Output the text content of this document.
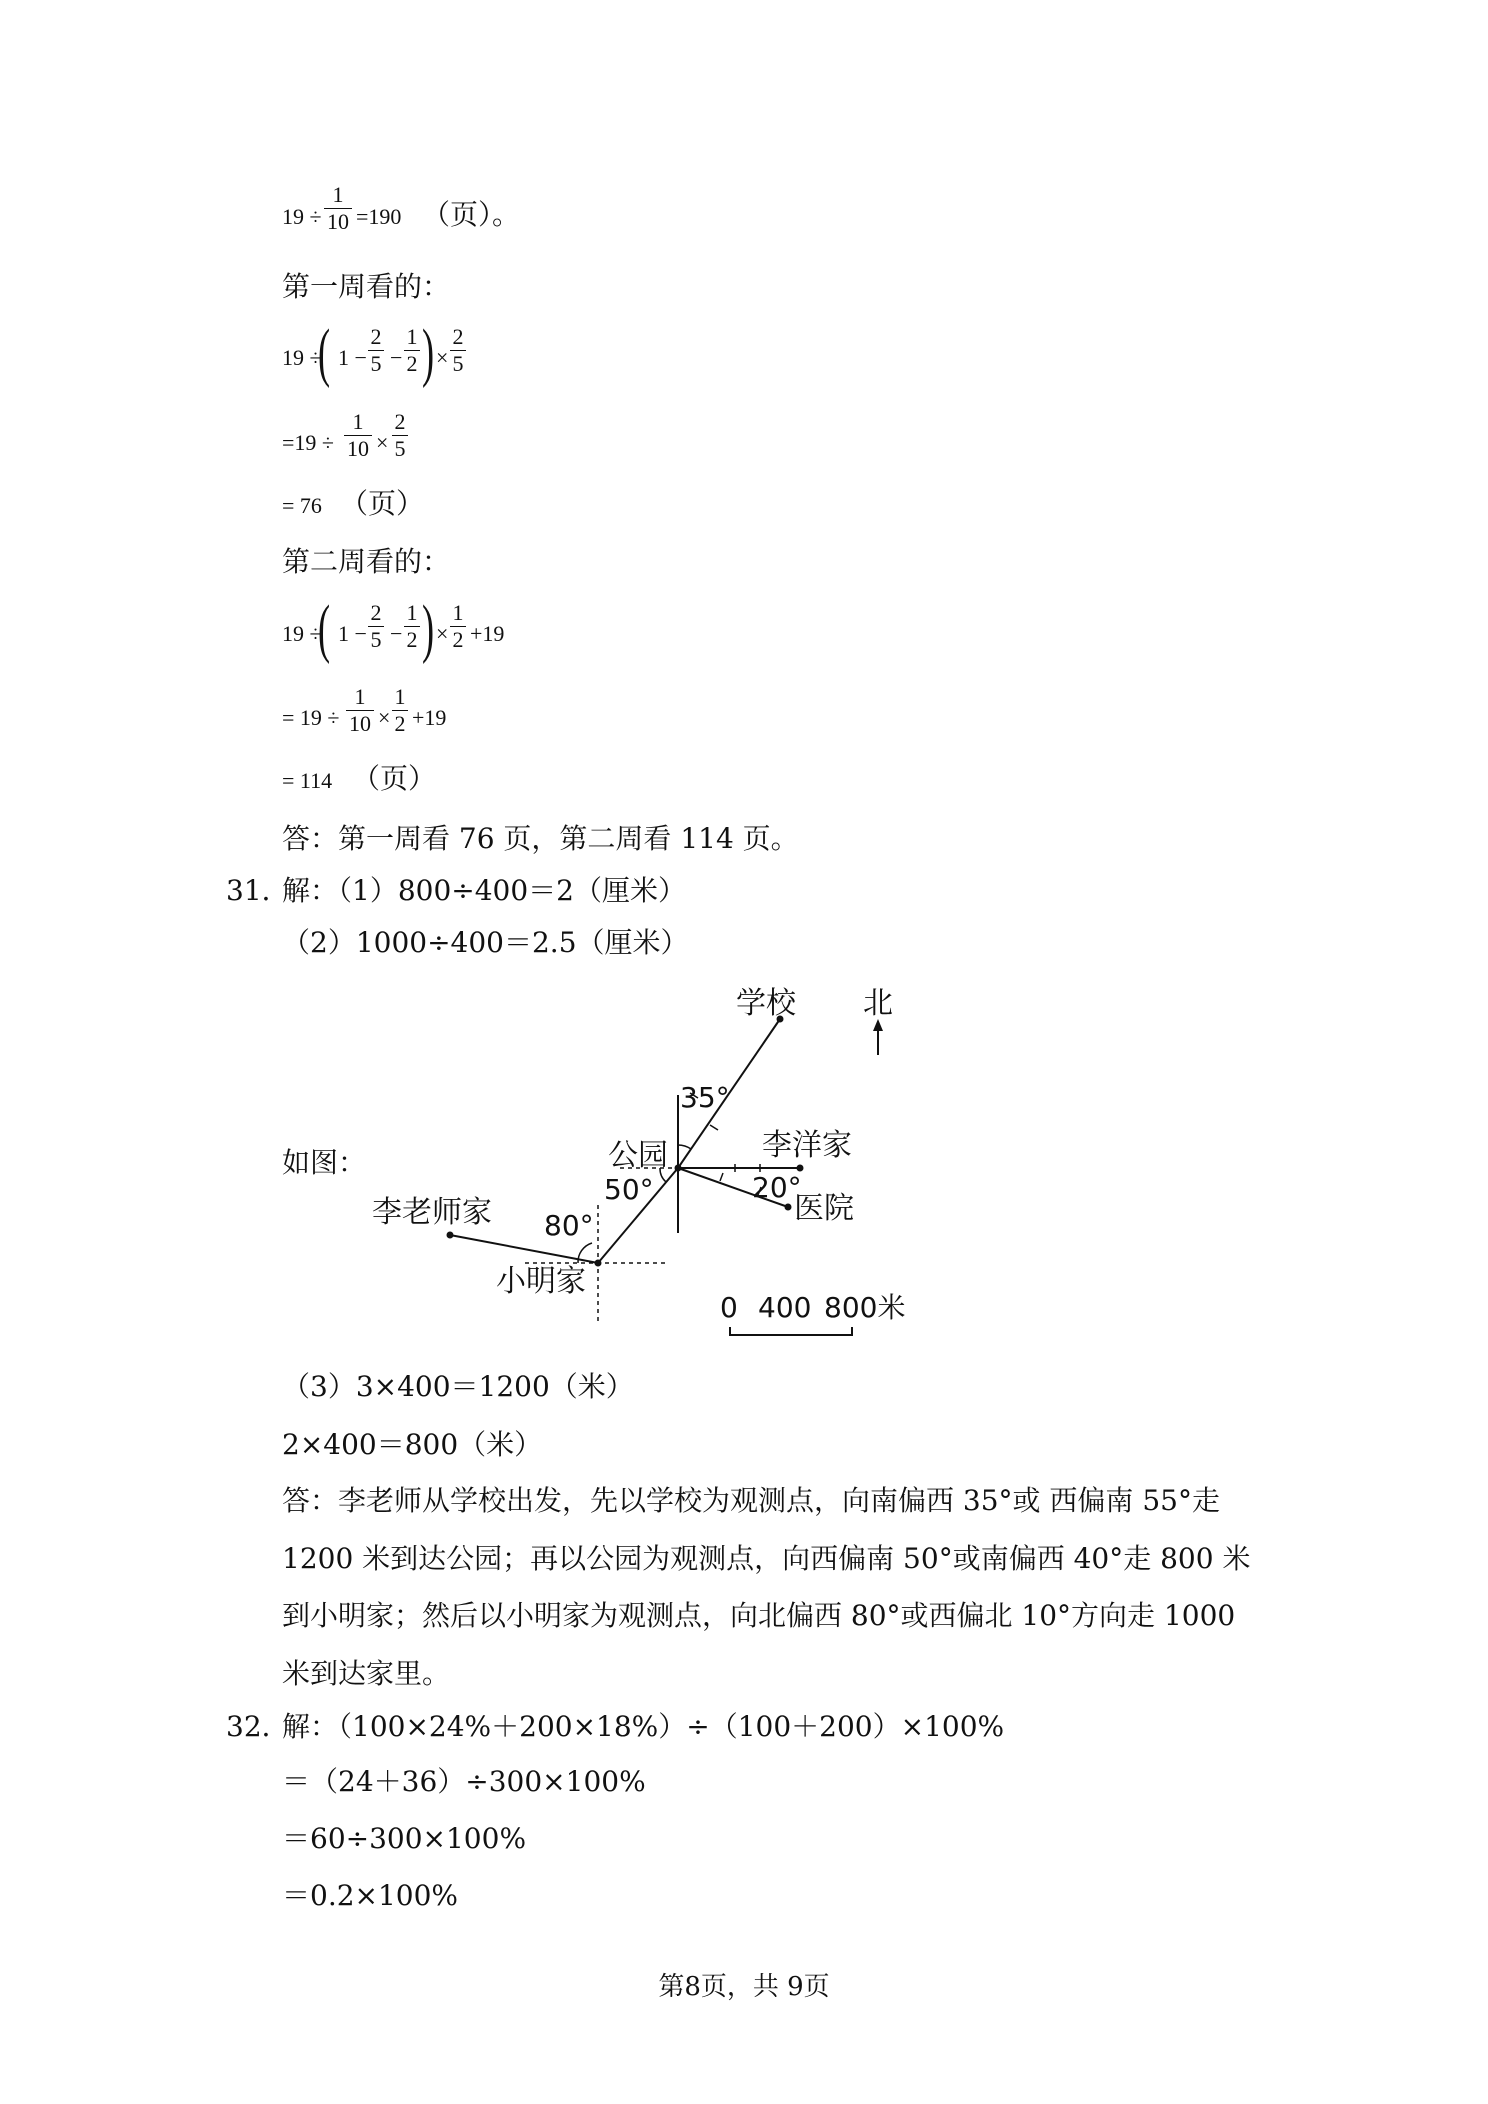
$19 \div \frac{1}{10} =190$ （页）。
第一周看的：
19 ÷
( $1 - \frac{2}{5} - \frac{1}{2}$ ) × $\frac{2}{5}$
$=19 \div \frac{1}{10} \times \frac{2}{5}$
= 76 （页）
第二周看的：
19 ÷
( $1 - \frac{2}{5} - \frac{1}{2}$ ) × $\frac{1}{2} +19$
= $19 \div \frac{1}{10} \times \frac{1}{2} +19$
= 114 （页）
答：第一周看 76 页，第二周看 114 页。
31．
解：（1）800÷400＝2（厘米）
（2）1000÷400＝2.5（厘米）
如图：
学校 北
35°
公园	李洋家
50°	20°
医院
李老师家 80°
小明家
0 400 800米
（3）3×400＝1200（米）
2×400＝800（米）
答：李老师从学校出发，先以学校为观测点，向南偏西 35°或 西偏南 55°走
1200 米到达公园；再以公园为观测点，向西偏南 50°或南偏西 40°走 800 米
到小明家；然后以小明家为观测点，向北偏西 80°或西偏北 10°方向走 1000
米到达家里。
32．
解：（100×24%＋200×18%）÷（100＋200）×100%
＝（24＋36）÷300×100%
＝60÷300×100%
＝0.2×100%
第8页，共 9页
